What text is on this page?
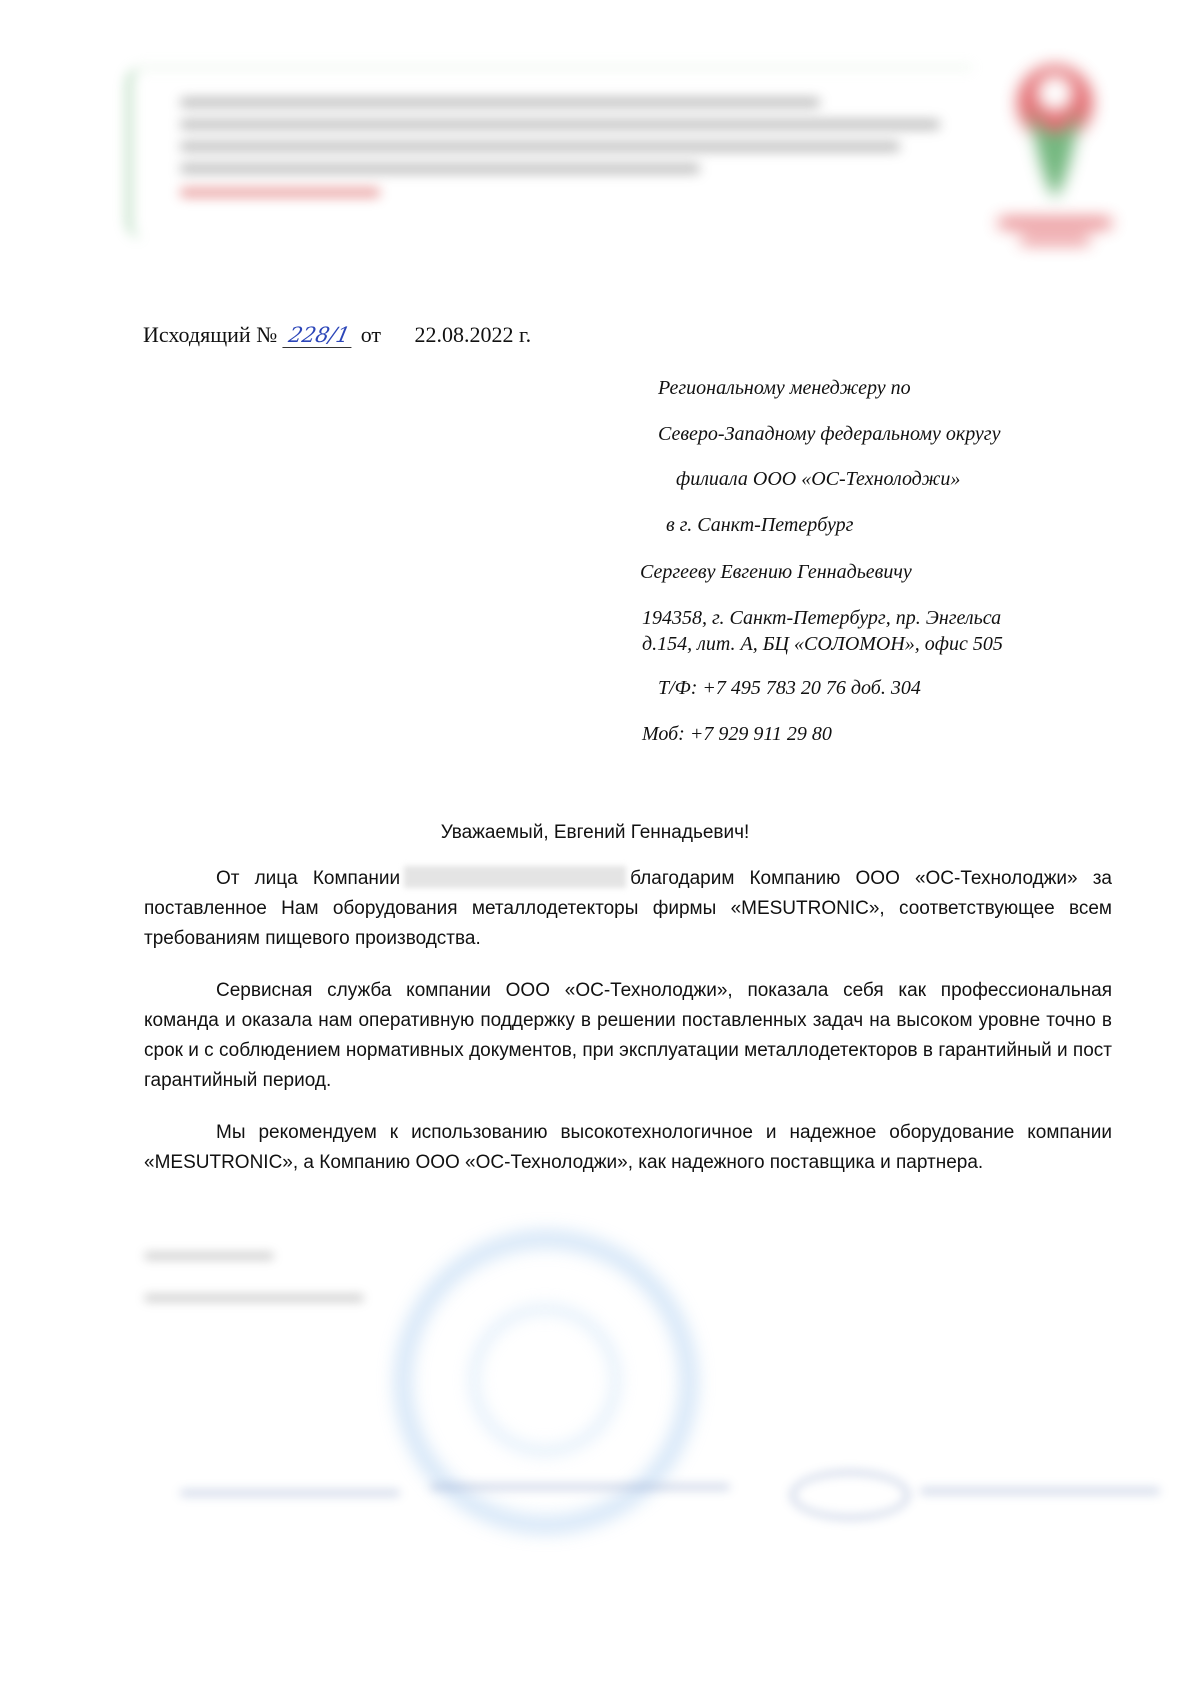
Исходящий № 228/1 от 22.08.2022 г.
Региональному менеджеру по
Северо-Западному федеральному округу
филиала ООО «ОС-Технолоджи»
в г. Санкт-Петербург
Сергееву Евгению Геннадьевичу
194358, г. Санкт-Петербург, пр. Энгельса
д.154, лит. А, БЦ «СОЛОМОН», офис 505
Т/Ф: +7 495 783 20 76 доб. 304
Моб: +7 929 911 29 80
Уважаемый, Евгений Геннадьевич!
От лица Компании	благодарим Компанию ООО «ОС-Технолоджи» за поставленное Нам оборудования металлодетекторы фирмы «MESUTRONIC», соответствующее всем требованиям пищевого производства.
Сервисная служба компании ООО «ОС-Технолоджи», показала себя как профессиональная команда и оказала нам оперативную поддержку в решении поставленных задач на высоком уровне точно в срок и с соблюдением нормативных документов, при эксплуатации металлодетекторов в гарантийный и пост гарантийный период.
Мы рекомендуем к использованию высокотехнологичное и надежное оборудование компании «MESUTRONIC», а Компанию ООО «ОС-Технолоджи», как надежного поставщика и партнера.
